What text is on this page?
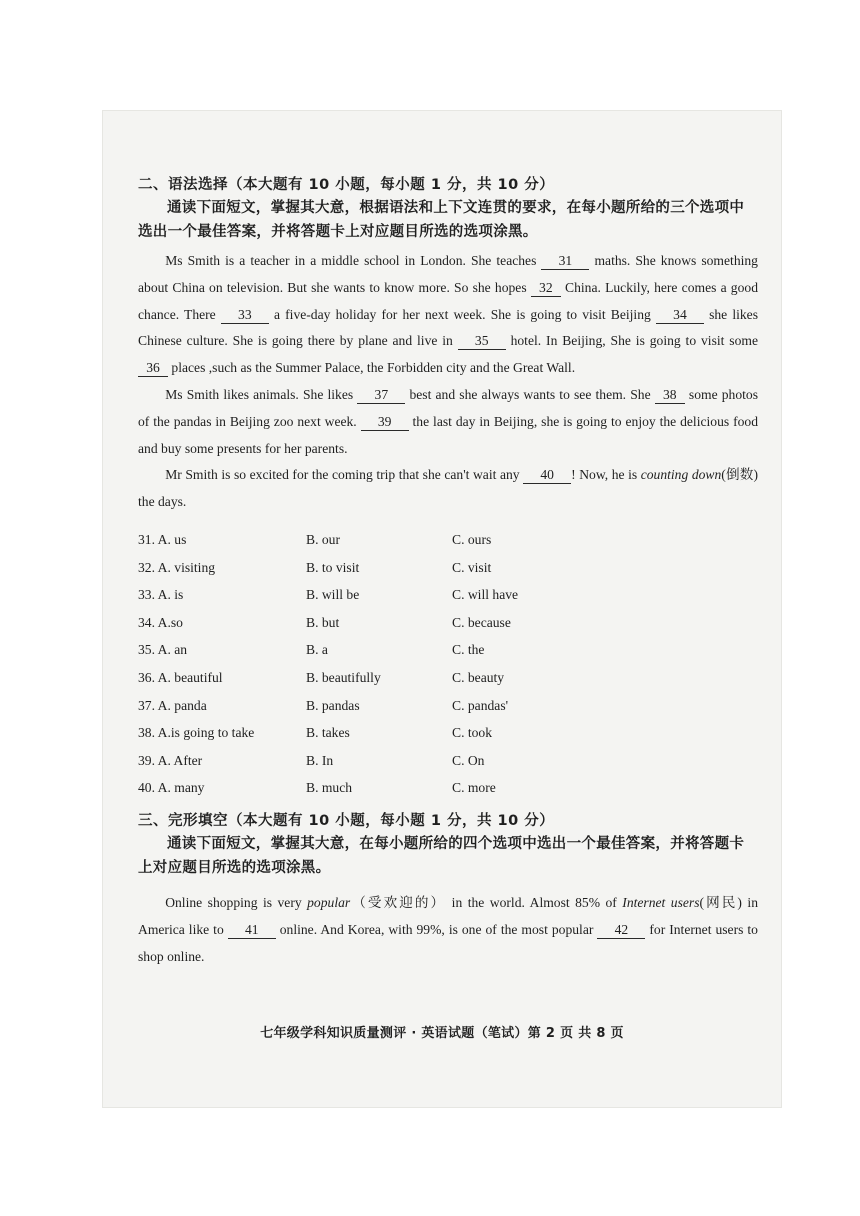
二、语法选择（本大题有 10 小题，每小题 1 分，共 10 分）

通读下面短文，掌握其大意，根据语法和上下文连贯的要求，在每小题所给的三个选项中选出一个最佳答案，并将答题卡上对应题目所选的选项涂黑。

Ms Smith is a teacher in a middle school in London. She teaches 31 maths. She knows something about China on television. But she wants to know more. So she hopes 32 China. Luckily, here comes a good chance. There 33 a five-day holiday for her next week. She is going to visit Beijing 34 she likes Chinese culture. She is going there by plane and live in 35 hotel. In Beijing, She is going to visit some 36 places ,such as the Summer Palace, the Forbidden city and the Great Wall.

Ms Smith likes animals. She likes 37 best and she always wants to see them. She 38 some photos of the pandas in Beijing zoo next week. 39 the last day in Beijing, she is going to enjoy the delicious food and buy some presents for her parents.

Mr Smith is so excited for the coming trip that she can't wait any 40 ! Now, he is counting down(倒数) the days.

31. A. us	B. our	C. ours
32. A. visiting	B. to visit	C. visit
33. A. is	B. will be	C. will have
34. A.so	B. but	C. because
35. A. an	B. a	C. the
36. A. beautiful	B. beautifully	C. beauty
37. A. panda	B. pandas	C. pandas'
38. A.is going to take	B. takes	C. took
39. A. After	B. In	C. On
40. A. many	B. much	C. more
三、完形填空（本大题有 10 小题，每小题 1 分，共 10 分）

通读下面短文，掌握其大意，在每小题所给的四个选项中选出一个最佳答案，并将答题卡上对应题目所选的选项涂黑。

Online shopping is very popular（受欢迎的） in the world. Almost 85% of Internet users(网民) in America like to 41 online. And Korea, with 99%, is one of the most popular 42 for Internet users to shop online.

七年级学科知识质量测评 · 英语试题（笔试）第 2 页 共 8 页
